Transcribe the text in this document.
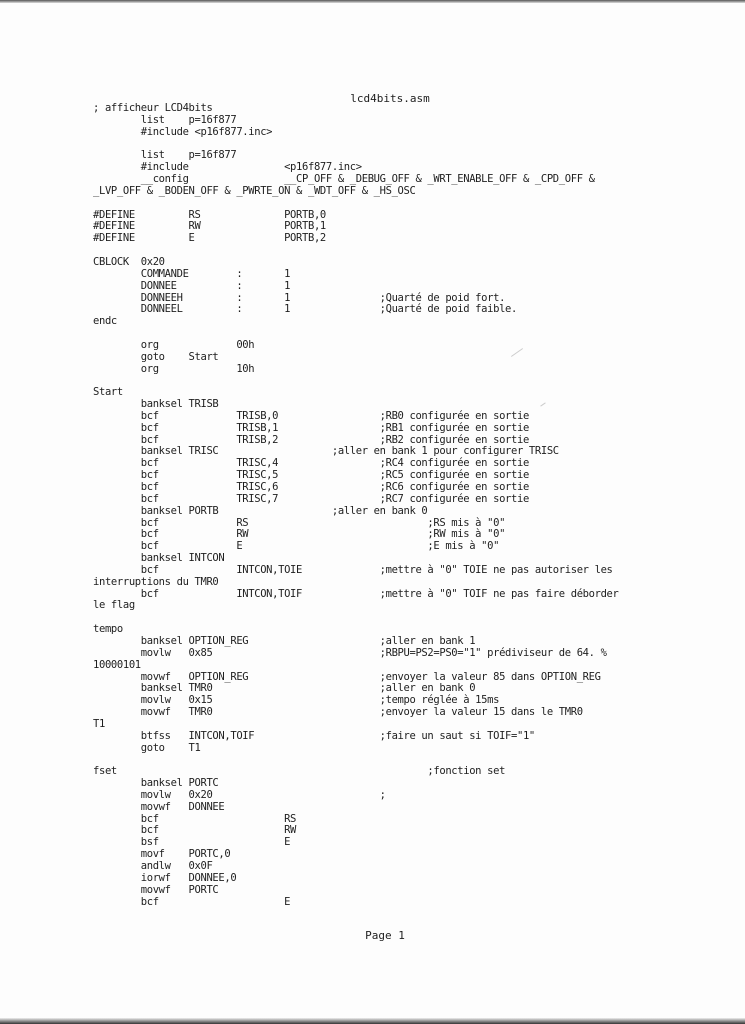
lcd4bits.asm
; afficheur LCD4bits
list    p=16f877
#include <p16f877.inc>

list    p=16f877
#include                <p16f877.inc>
__config                __CP_OFF & _DEBUG_OFF & _WRT_ENABLE_OFF & _CPD_OFF &
_LVP_OFF & _BODEN_OFF & _PWRTE_ON & _WDT_OFF & _HS_OSC

#DEFINE         RS              PORTB,0
#DEFINE         RW              PORTB,1
#DEFINE         E               PORTB,2

CBLOCK  0x20
COMMANDE        :       1
DONNEE          :       1
DONNEEH         :       1               ;Quarté de poid fort.
DONNEEL         :       1               ;Quarté de poid faible.
endc

org             00h
goto    Start
org             10h

Start
banksel TRISB
bcf             TRISB,0                 ;RB0 configurée en sortie
bcf             TRISB,1                 ;RB1 configurée en sortie
bcf             TRISB,2                 ;RB2 configurée en sortie
banksel TRISC                   ;aller en bank 1 pour configurer TRISC
bcf             TRISC,4                 ;RC4 configurée en sortie
bcf             TRISC,5                 ;RC5 configurée en sortie
bcf             TRISC,6                 ;RC6 configurée en sortie
bcf             TRISC,7                 ;RC7 configurée en sortie
banksel PORTB                   ;aller en bank 0
bcf             RS                              ;RS mis à "0"
bcf             RW                              ;RW mis à "0"
bcf             E                               ;E mis à "0"
banksel INTCON
bcf             INTCON,TOIE             ;mettre à "0" TOIE ne pas autoriser les
interruptions du TMR0
bcf             INTCON,TOIF             ;mettre à "0" TOIF ne pas faire déborder
le flag

tempo
banksel OPTION_REG                      ;aller en bank 1
movlw   0x85                            ;RBPU=PS2=PS0="1" prédiviseur de 64. %
10000101
movwf   OPTION_REG                      ;envoyer la valeur 85 dans OPTION_REG
banksel TMR0                            ;aller en bank 0
movlw   0x15                            ;tempo réglée à 15ms
movwf   TMR0                            ;envoyer la valeur 15 dans le TMR0
T1
btfss   INTCON,TOIF                     ;faire un saut si TOIF="1"
goto    T1

fset                                                    ;fonction set
banksel PORTC
movlw   0x20                            ;
movwf   DONNEE
bcf                     RS
bcf                     RW
bsf                     E
movf    PORTC,0
andlw   0x0F
iorwf   DONNEE,0
movwf   PORTC
bcf                     E
Page 1
